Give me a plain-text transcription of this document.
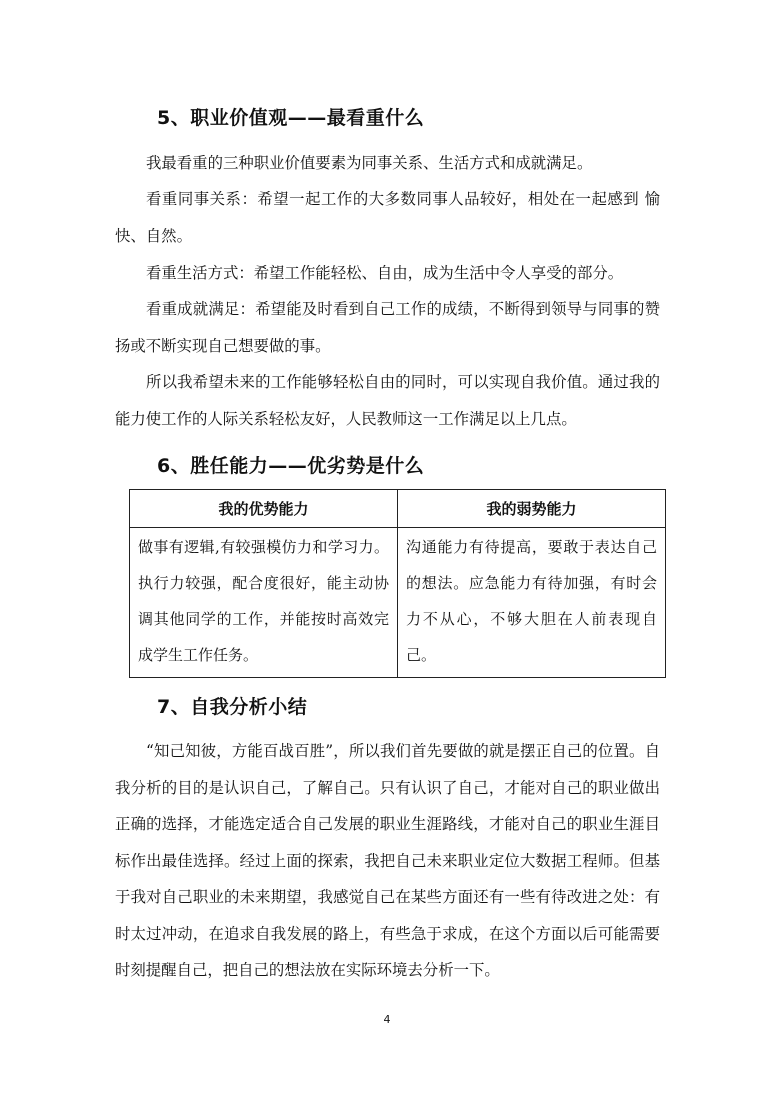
5、职业价值观——最看重什么

我最看重的三种职业价值要素为同事关系、生活方式和成就满足。

看重同事关系：希望一起工作的大多数同事人品较好，相处在一起感到 愉快、自然。

看重生活方式：希望工作能轻松、自由，成为生活中令人享受的部分。

看重成就满足：希望能及时看到自己工作的成绩，不断得到领导与同事的赞扬或不断实现自己想要做的事。

所以我希望未来的工作能够轻松自由的同时，可以实现自我价值。通过我的能力使工作的人际关系轻松友好，人民教师这一工作满足以上几点。

6、胜任能力——优劣势是什么
我的优势能力	我的弱势能力
做事有逻辑,有较强模仿力和学习力。执行力较强，配合度很好，能主动协调其他同学的工作，并能按时高效完成学生工作任务。	沟通能力有待提高，要敢于表达自己的想法。应急能力有待加强，有时会力不从心，不够大胆在人前表现自己。
7、自我分析小结

“知己知彼，方能百战百胜”，所以我们首先要做的就是摆正自己的位置。自我分析的目的是认识自己，了解自己。只有认识了自己，才能对自己的职业做出正确的选择，才能选定适合自己发展的职业生涯路线，才能对自己的职业生涯目标作出最佳选择。经过上面的探索，我把自己未来职业定位大数据工程师。但基于我对自己职业的未来期望，我感觉自己在某些方面还有一些有待改进之处：有时太过冲动，在追求自我发展的路上，有些急于求成，在这个方面以后可能需要时刻提醒自己，把自己的想法放在实际环境去分析一下。

4
